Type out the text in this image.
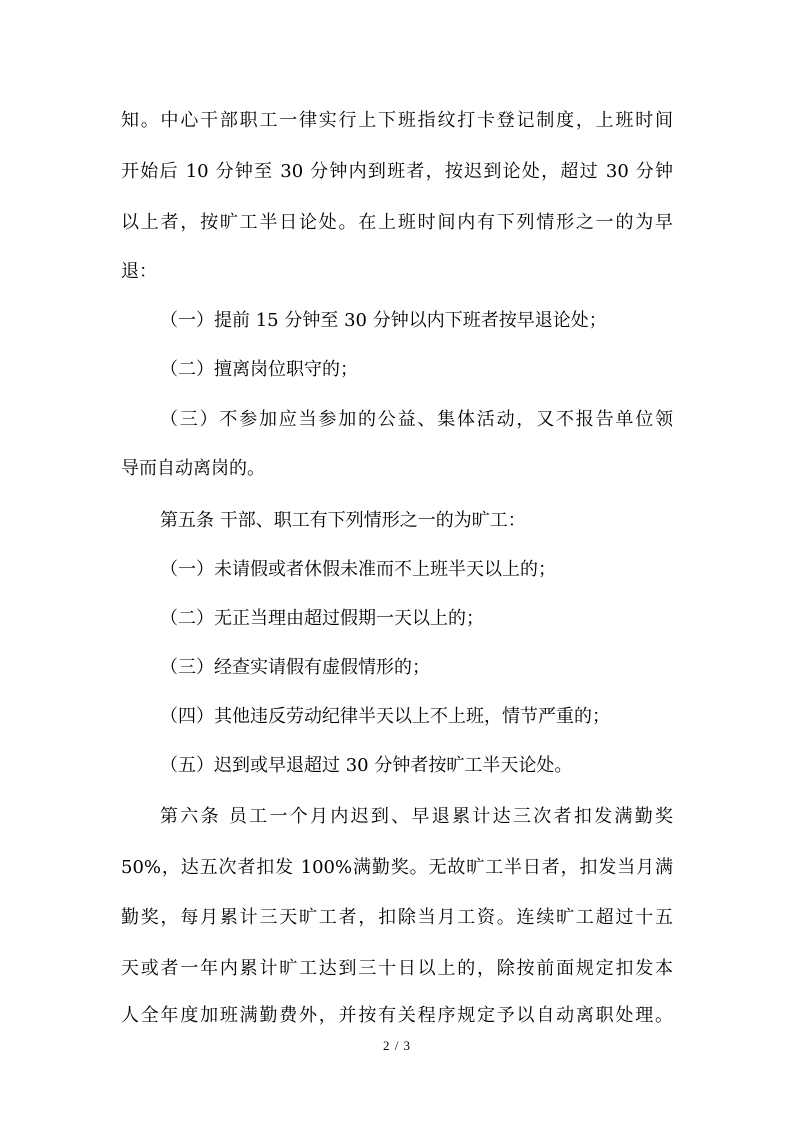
知。中心干部职工一律实行上下班指纹打卡登记制度，上班时间
开始后 10 分钟至 30 分钟内到班者，按迟到论处，超过 30 分钟
以上者，按旷工半日论处。在上班时间内有下列情形之一的为早
退：
（一）提前 15 分钟至 30 分钟以内下班者按早退论处；
（二）擅离岗位职守的；
（三）不参加应当参加的公益、集体活动，又不报告单位领
导而自动离岗的。
第五条 干部、职工有下列情形之一的为旷工：
（一）未请假或者休假未准而不上班半天以上的；
（二）无正当理由超过假期一天以上的；
（三）经查实请假有虚假情形的；
（四）其他违反劳动纪律半天以上不上班，情节严重的；
（五）迟到或早退超过 30 分钟者按旷工半天论处。
第六条 员工一个月内迟到、早退累计达三次者扣发满勤奖
50%，达五次者扣发 100%满勤奖。无故旷工半日者，扣发当月满
勤奖，每月累计三天旷工者，扣除当月工资。连续旷工超过十五
天或者一年内累计旷工达到三十日以上的，除按前面规定扣发本
人全年度加班满勤费外，并按有关程序规定予以自动离职处理。
2 / 3
